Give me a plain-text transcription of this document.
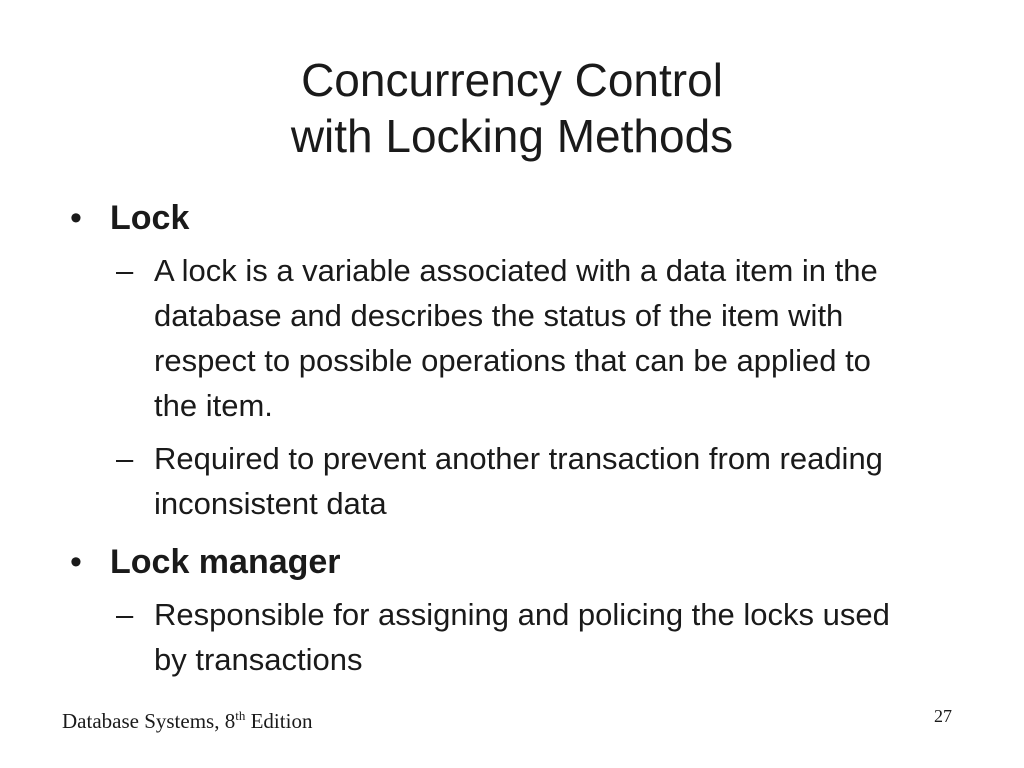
Concurrency Control
with Locking Methods
• Lock
– A lock is a variable associated with a data item in the database and describes the status of the item with respect to possible operations that can be applied to the item.
– Required to prevent another transaction from reading inconsistent data
• Lock manager
– Responsible for assigning and policing the locks used by transactions
Database Systems, 8th Edition	27
